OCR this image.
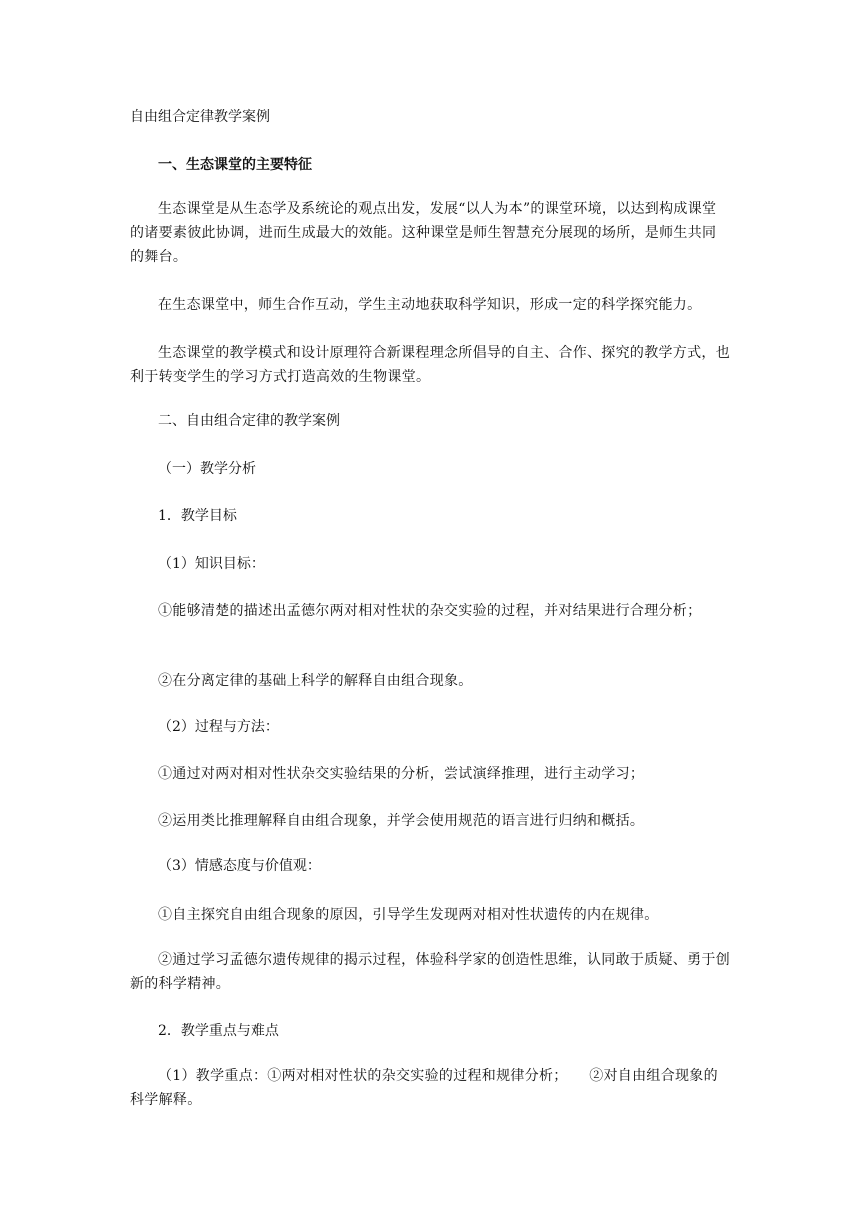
自由组合定律教学案例
一、生态课堂的主要特征
生态课堂是从生态学及系统论的观点出发，发展“以人为本”的课堂环境，以达到构成课堂的诸要素彼此协调，进而生成最大的效能。这种课堂是师生智慧充分展现的场所，是师生共同的舞台。
在生态课堂中，师生合作互动，学生主动地获取科学知识，形成一定的科学探究能力。
生态课堂的教学模式和设计原理符合新课程理念所倡导的自主、合作、探究的教学方式，也利于转变学生的学习方式打造高效的生物课堂。
二、自由组合定律的教学案例
（一）教学分析
1．教学目标
（1）知识目标：
①能够清楚的描述出孟德尔两对相对性状的杂交实验的过程，并对结果进行合理分析；
②在分离定律的基础上科学的解释自由组合现象。
（2）过程与方法：
①通过对两对相对性状杂交实验结果的分析，尝试演绎推理，进行主动学习；
②运用类比推理解释自由组合现象，并学会使用规范的语言进行归纳和概括。
（3）情感态度与价值观：
①自主探究自由组合现象的原因，引导学生发现两对相对性状遗传的内在规律。
②通过学习孟德尔遗传规律的揭示过程，体验科学家的创造性思维，认同敢于质疑、勇于创新的科学精神。
2．教学重点与难点
（1）教学重点：①两对相对性状的杂交实验的过程和规律分析；　　②对自由组合现象的科学解释。
